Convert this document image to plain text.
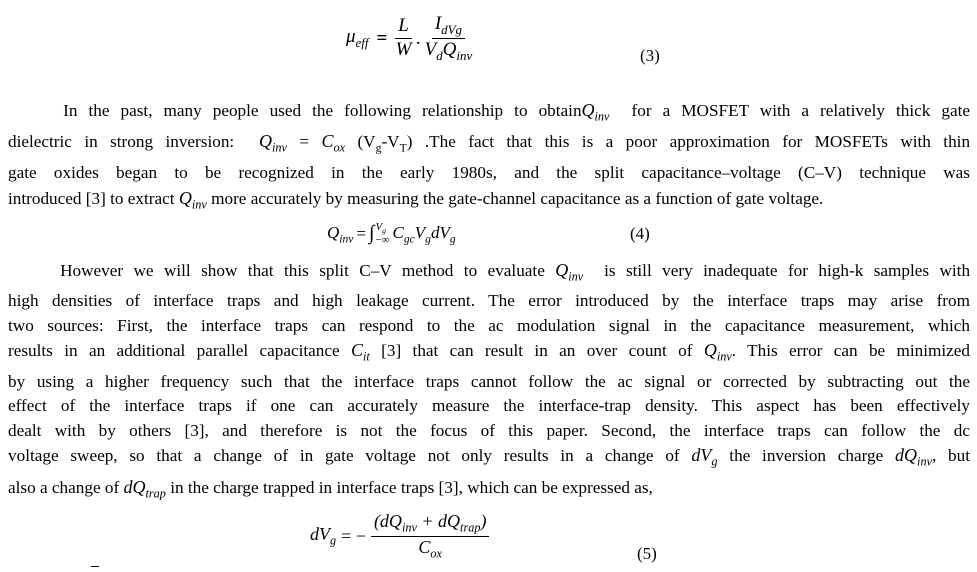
$\mu_{eff} = \frac{L}{W}$ . $\frac{I_{dVg}}{V_dQ_{inv}}$	(3)
In the past, many people used the following relationship to obtainQ$_{inv}$ for a MOSFET with a relatively thick gate
dielectric in strong inversion: $Q_{inv} = C_{ox}$ $(V_g-V_T)$ .The fact that this is a poor approximation for MOSFETs with thin
gate oxides began to be recognized in the early 1980s, and the split capacitance–voltage (C–V) technique was
introduced [3] to extract $Q_{inv}$ more accurately by measuring the gate-channel capacitance as a function of gate voltage.
$Q_{inv}$ = ∫ $V_g$
−∞ $C_{gc}V_gdV_g$	(4)
However we will show that this split C–V method to evaluate $Q_{inv}$ is still very inadequate for high-k samples with
high densities of interface traps and high leakage current. The error introduced by the interface traps may arise from
two sources: First, the interface traps can respond to the ac modulation signal in the capacitance measurement, which
results in an additional parallel capacitance $C_{it}$ [3] that can result in an over count of $Q_{inv}$. This error can be minimized
by using a higher frequency such that the interface traps cannot follow the ac signal or corrected by subtracting out the
effect of the interface traps if one can accurately measure the interface-trap density. This aspect has been effectively
dealt with by others [3], and therefore is not the focus of this paper. Second, the interface traps can follow the dc
voltage sweep, so that a change of in gate voltage not only results in a change of $dV_g$ the inversion charge $dQ_{inv}$, but
also a change of $dQ_{trap}$ in the charge trapped in interface traps [3], which can be expressed as,
$dV_g$ = − $\frac{(dQ_{inv} + dQ_{trap})}{C_{ox}}$	(5)
